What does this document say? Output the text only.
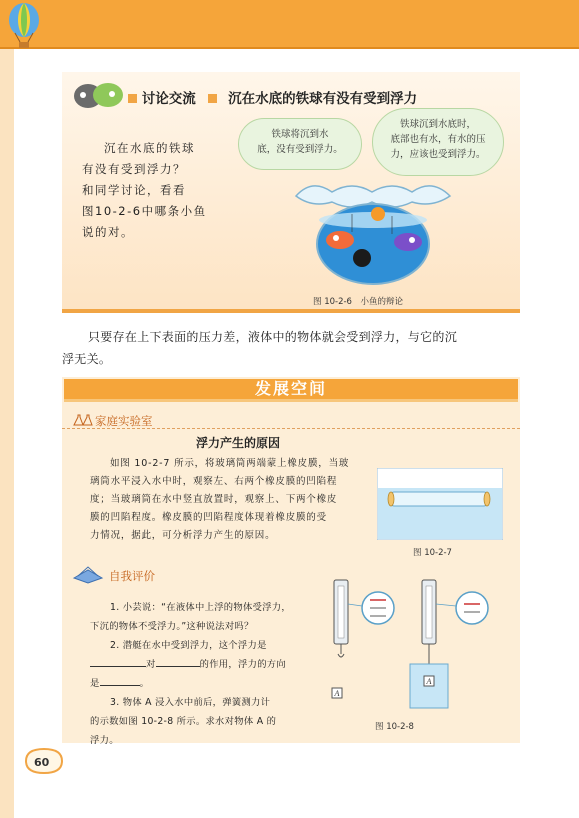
讨论交流 沉在水底的铁球有没有受到浮力
沉在水底的铁球
有没有受到浮力？
和同学讨论，看看
图10-2-6中哪条小鱼
说的对。
铁球将沉到水
底，没有受到浮力。
铁球沉到水底时，
底部也有水，有水的压
力，应该也受到浮力。
图 10-2-6　小鱼的辩论
只要存在上下表面的压力差，液体中的物体就会受到浮力，与它的沉
浮无关。
发展空间
家庭实验室
浮力产生的原因
如图 10-2-7 所示，将玻璃筒两端蒙上橡皮膜，当玻
璃筒水平浸入水中时，观察左、右两个橡皮膜的凹陷程
度；当玻璃筒在水中竖直放置时，观察上、下两个橡皮
膜的凹陷程度。橡皮膜的凹陷程度体现着橡皮膜的受
力情况，据此，可分析浮力产生的原因。
图 10-2-7
自我评价
1. 小芸说：“在液体中上浮的物体受浮力，
下沉的物体不受浮力。”这种说法对吗？
2. 潜艇在水中受到浮力，这个浮力是
对	的作用，浮力的方向
是	。
3. 物体 A 浸入水中前后，弹簧测力计
的示数如图 10-2-8 所示。求水对物体 A 的
浮力。
A
A
图 10-2-8
60
